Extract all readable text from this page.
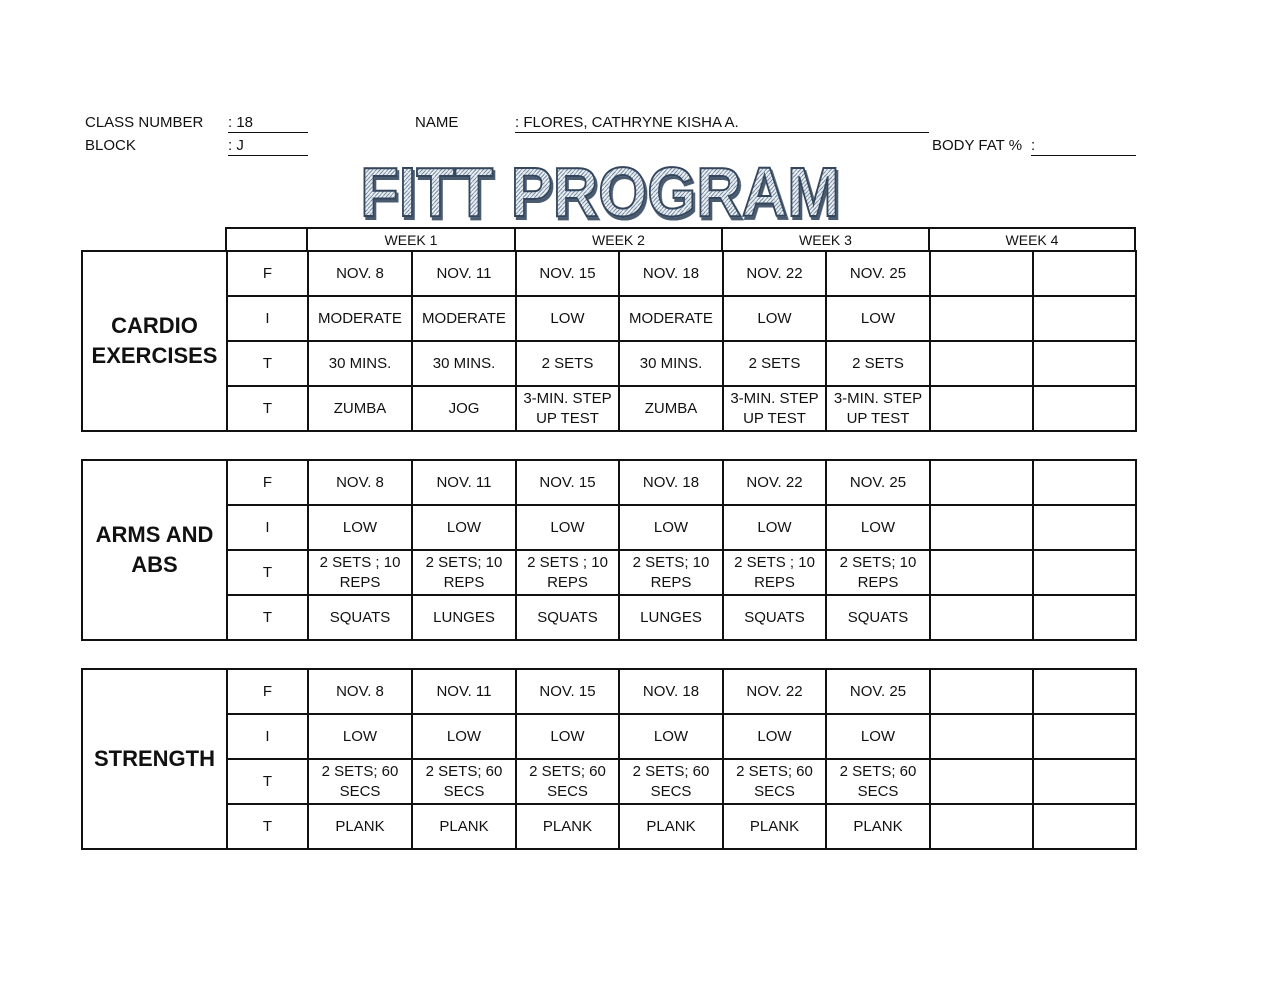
CLASS NUMBER : 18
BLOCK	: J
NAME	: FLORES, CATHRYNE KISHA A.
BODY FAT % :
FITT PROGRAM
		WEEK 1	WEEK 2	WEEK 3	WEEK 4
CARDIO EXERCISES	F	NOV. 8	NOV. 11	NOV. 15	NOV. 18	NOV. 22	NOV. 25		
	I	MODERATE	MODERATE	LOW	MODERATE	LOW	LOW		
	T	30 MINS.	30 MINS.	2 SETS	30 MINS.	2 SETS	2 SETS		
	T	ZUMBA	JOG	3-MIN. STEP UP TEST	ZUMBA	3-MIN. STEP UP TEST	3-MIN. STEP UP TEST		
ARMS AND ABS	F	NOV. 8	NOV. 11	NOV. 15	NOV. 18	NOV. 22	NOV. 25		
	I	LOW	LOW	LOW	LOW	LOW	LOW		
	T	2 SETS ; 10 REPS	2 SETS; 10 REPS	2 SETS ; 10 REPS	2 SETS; 10 REPS	2 SETS ; 10 REPS	2 SETS; 10 REPS		
	T	SQUATS	LUNGES	SQUATS	LUNGES	SQUATS	SQUATS		
STRENGTH	F	NOV. 8	NOV. 11	NOV. 15	NOV. 18	NOV. 22	NOV. 25		
	I	LOW	LOW	LOW	LOW	LOW	LOW		
	T	2 SETS; 60 SECS	2 SETS; 60 SECS	2 SETS; 60 SECS	2 SETS; 60 SECS	2 SETS; 60 SECS	2 SETS; 60 SECS		
	T	PLANK	PLANK	PLANK	PLANK	PLANK	PLANK		
